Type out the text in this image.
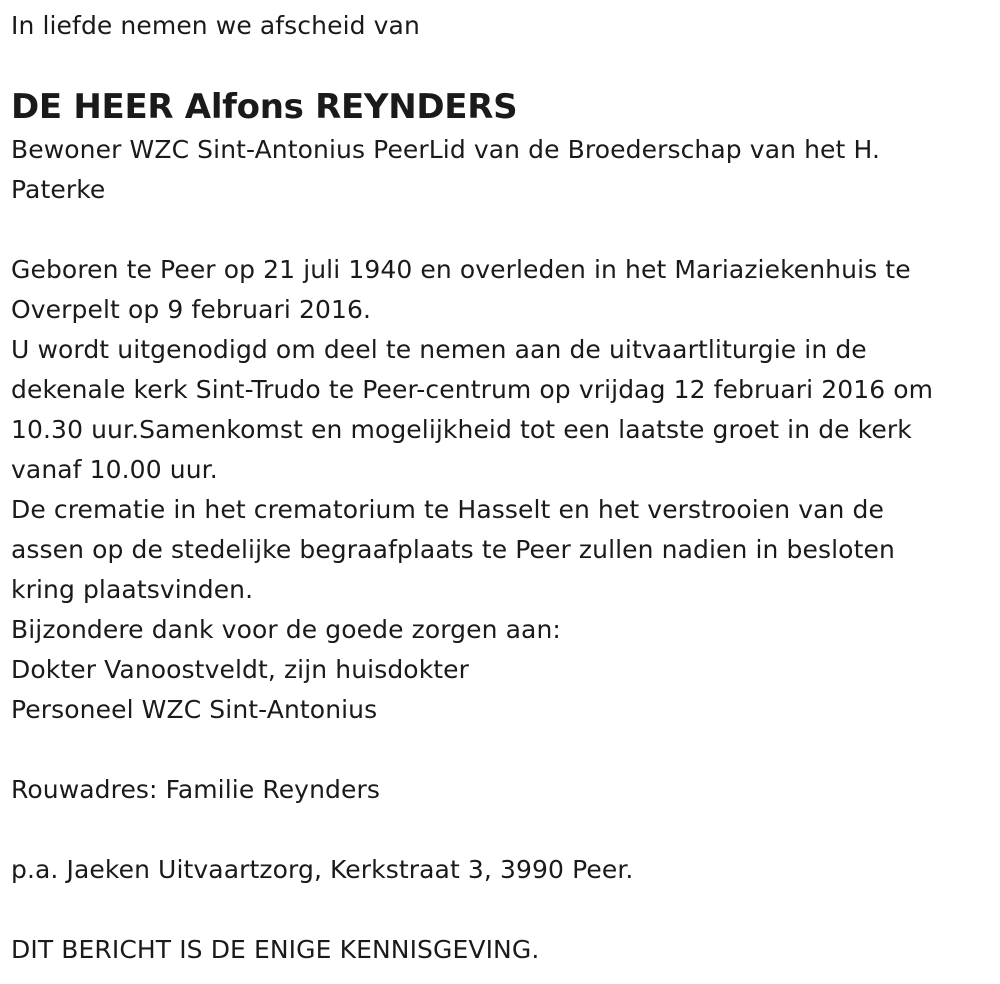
In liefde nemen we afscheid van

DE HEER Alfons REYNDERS
Bewoner WZC Sint-Antonius PeerLid van de Broederschap van het H.
Paterke
Geboren te Peer op 21 juli 1940 en overleden in het Mariaziekenhuis te
Overpelt op 9 februari 2016.
U wordt uitgenodigd om deel te nemen aan de uitvaartliturgie in de
dekenale kerk Sint-Trudo te Peer-centrum op vrijdag 12 februari 2016 om
10.30 uur.Samenkomst en mogelijkheid tot een laatste groet in de kerk
vanaf 10.00 uur.
De crematie in het crematorium te Hasselt en het verstrooien van de
assen op de stedelijke begraafplaats te Peer zullen nadien in besloten
kring plaatsvinden.
Bijzondere dank voor de goede zorgen aan:
Dokter Vanoostveldt, zijn huisdokter
Personeel WZC Sint-Antonius
Rouwadres: Familie Reynders
p.a. Jaeken Uitvaartzorg, Kerkstraat 3, 3990 Peer.
DIT BERICHT IS DE ENIGE KENNISGEVING.
